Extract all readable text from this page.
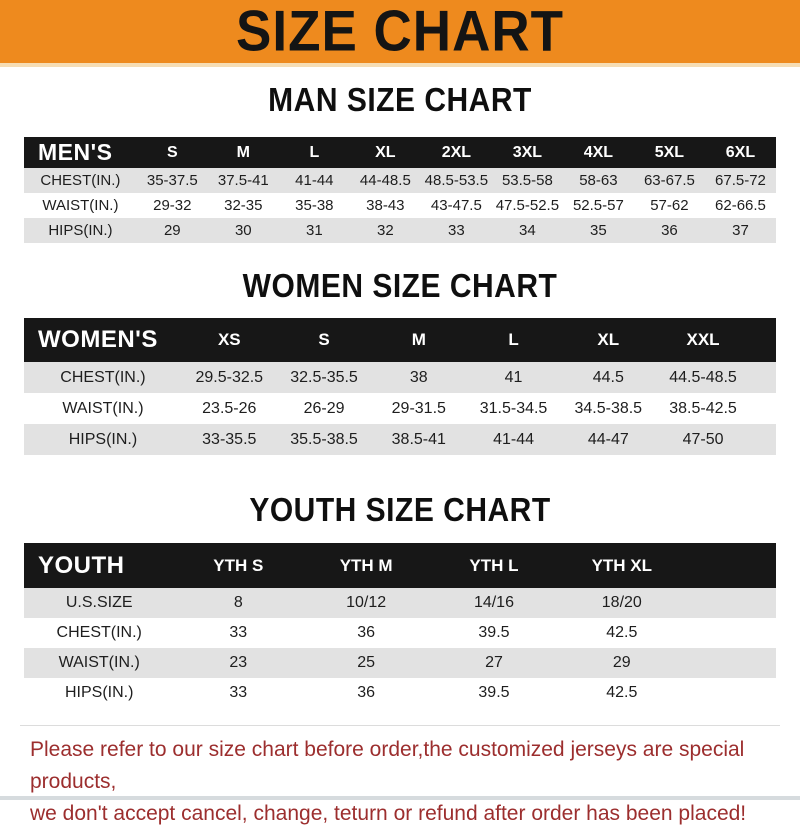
SIZE CHART
MAN SIZE CHART
MEN'S	S	M	L	XL	2XL	3XL	4XL	5XL	6XL
CHEST(IN.)	35-37.5	37.5-41	41-44	44-48.5	48.5-53.5	53.5-58	58-63	63-67.5	67.5-72
WAIST(IN.)	29-32	32-35	35-38	38-43	43-47.5	47.5-52.5	52.5-57	57-62	62-66.5
HIPS(IN.)	29	30	31	32	33	34	35	36	37
WOMEN SIZE CHART
WOMEN'S	XS	S	M	L	XL	XXL	
CHEST(IN.)	29.5-32.5	32.5-35.5	38	41	44.5	44.5-48.5	
WAIST(IN.)	23.5-26	26-29	29-31.5	31.5-34.5	34.5-38.5	38.5-42.5	
HIPS(IN.)	33-35.5	35.5-38.5	38.5-41	41-44	44-47	47-50	
YOUTH SIZE CHART
YOUTH	YTH S	YTH M	YTH L	YTH XL	
U.S.SIZE	8	10/12	14/16	18/20	
CHEST(IN.)	33	36	39.5	42.5	
WAIST(IN.)	23	25	27	29	
HIPS(IN.)	33	36	39.5	42.5	

Please refer to our size chart before order,the customized jerseys are special products,

we don't accept cancel, change, teturn or refund after order has been placed!
